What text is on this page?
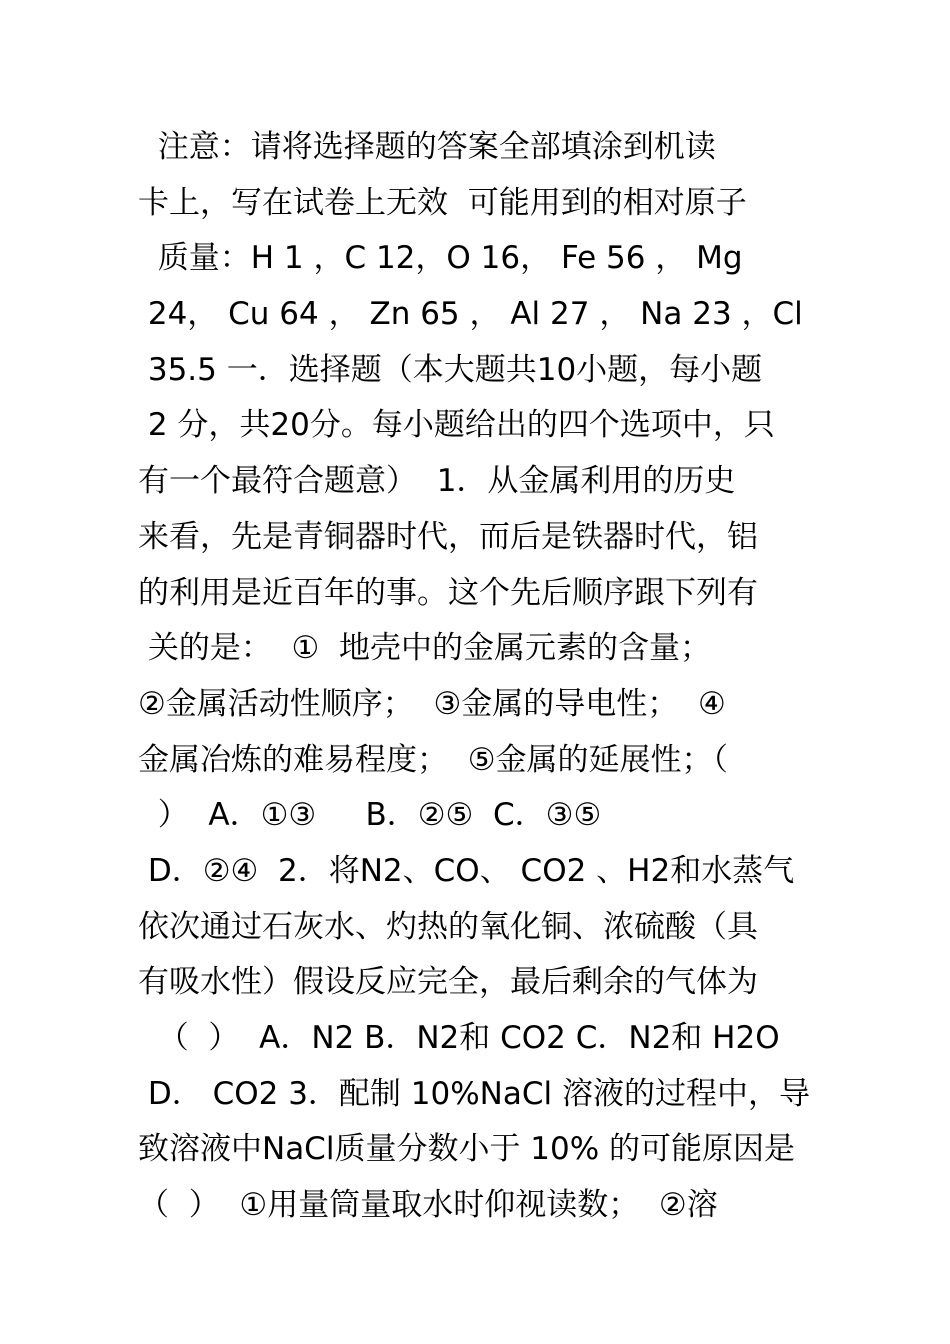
注意：请将选择题的答案全部填涂到机读
卡上，写在试卷上无效  可能用到的相对原子
质量：H 1 ，C 12，O 16， Fe 56 ， Mg
24， Cu 64 ， Zn 65 ， Al 27 ， Na 23 ，Cl
35.5 一．选择题（本大题共10小题，每小题
2 分，共20分。每小题给出的四个选项中，只
有一个最符合题意）  1．从金属利用的历史
来看，先是青铜器时代，而后是铁器时代，铝
的利用是近百年的事。这个先后顺序跟下列有
关的是：  ①  地壳中的金属元素的含量；
②金属活动性顺序；  ③金属的导电性；  ④
金属冶炼的难易程度；  ⑤金属的延展性；（
）  A．①③     B．②⑤  C．③⑤
D．②④  2．将N2、CO、 CO2 、H2和水蒸气
依次通过石灰水、灼热的氧化铜、浓硫酸（具
有吸水性）假设反应完全，最后剩余的气体为
（  ）  A．N2 B．N2和 CO2 C．N2和 H2O
D． CO2 3．配制 10%NaCl 溶液的过程中，导
致溶液中NaCl质量分数小于 10% 的可能原因是
（  ）  ①用量筒量取水时仰视读数；  ②溶
